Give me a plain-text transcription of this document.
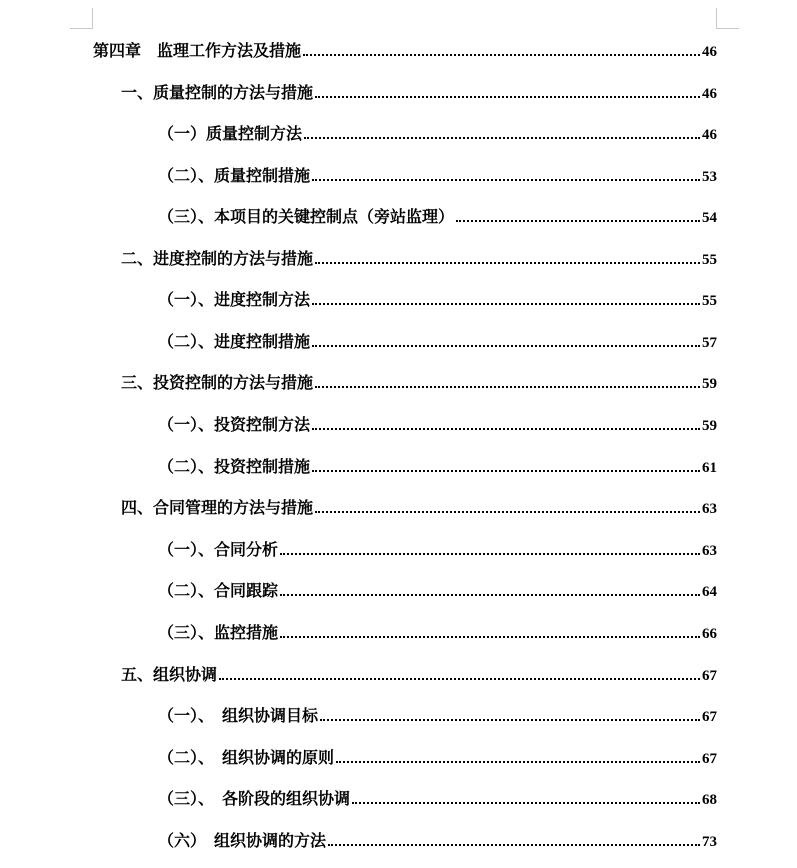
第四章　监理工作方法及措施	46
一、质量控制的方法与措施	46
（一）质量控制方法	46
（二）、质量控制措施	53
（三）、本项目的关键控制点（旁站监理）	54
二、进度控制的方法与措施	55
（一）、进度控制方法	55
（二）、进度控制措施	57
三、投资控制的方法与措施	59
（一）、投资控制方法	59
（二）、投资控制措施	61
四、合同管理的方法与措施	63
（一）、合同分析	63
（二）、合同跟踪	64
（三）、监控措施	66
五、组织协调	67
（一）、　组织协调目标	67
（二）、　组织协调的原则	67
（三）、　各阶段的组织协调	68
（六）　组织协调的方法	73
